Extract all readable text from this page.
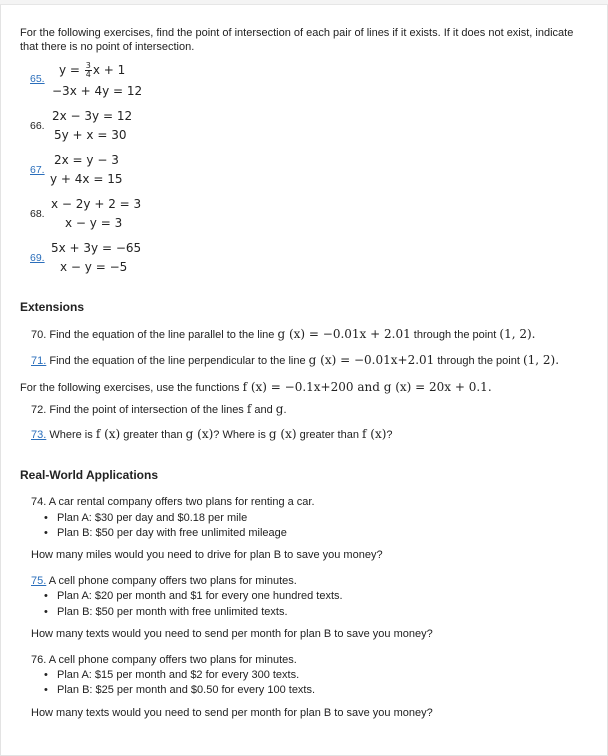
For the following exercises, find the point of intersection of each pair of lines if it exists. If it does not exist, indicate that there is no point of intersection.

65.
$y = \frac{3}{4}$ x + 1
−3x + 4y = 12
66.
2x − 3y = 12
5y + x = 30
67.
2x = y − 3
y + 4x = 15
68.
x − 2y + 2 = 3
x − y = 3
69.
5x + 3y = −65
x − y = −5
Extensions
70. Find the equation of the line parallel to the line g (x) = −0.01x + 2.01 through the point (1, 2).
71. Find the equation of the line perpendicular to the line g (x) = −0.01x+2.01 through the point (1, 2).
For the following exercises, use the functions f (x) = −0.1x+200 and g (x) = 20x + 0.1.
72. Find the point of intersection of the lines f and g.
73. Where is f (x) greater than g (x)? Where is g (x) greater than f (x)?
Real-World Applications
74. A car rental company offers two plans for renting a car.
• Plan A: $30 per day and $0.18 per mile
• Plan B: $50 per day with free unlimited mileage
How many miles would you need to drive for plan B to save you money?
75. A cell phone company offers two plans for minutes.
• Plan A: $20 per month and $1 for every one hundred texts.
• Plan B: $50 per month with free unlimited texts.
How many texts would you need to send per month for plan B to save you money?
76. A cell phone company offers two plans for minutes.
• Plan A: $15 per month and $2 for every 300 texts.
• Plan B: $25 per month and $0.50 for every 100 texts.
How many texts would you need to send per month for plan B to save you money?
